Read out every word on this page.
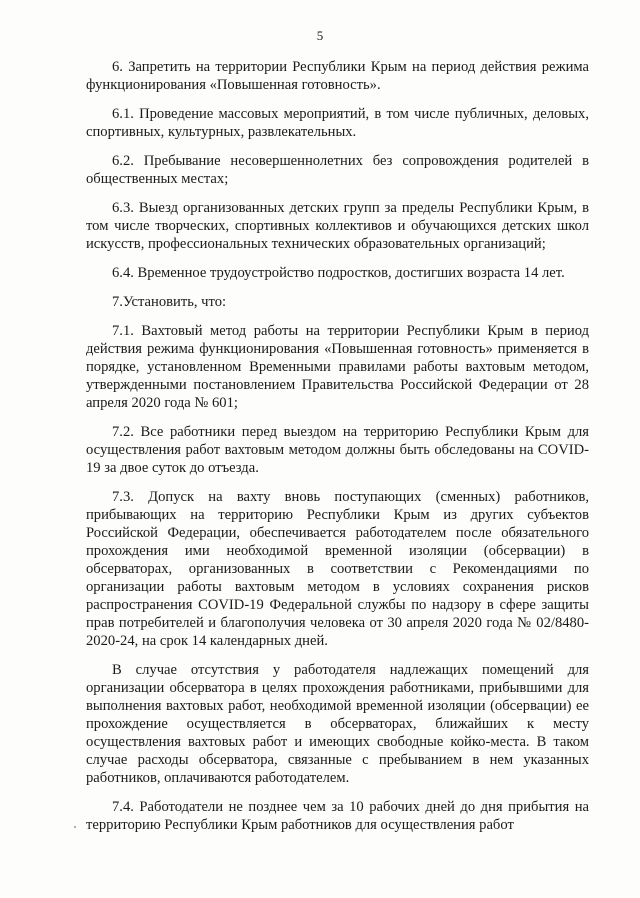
5

6. Запретить на территории Республики Крым на период действия режима функционирования «Повышенная готовность».

6.1. Проведение массовых мероприятий, в том числе публичных, деловых, спортивных, культурных, развлекательных.

6.2. Пребывание несовершеннолетних без сопровождения родителей в общественных местах;

6.3. Выезд организованных детских групп за пределы Республики Крым, в том числе творческих, спортивных коллективов и обучающихся детских школ искусств, профессиональных технических образовательных организаций;

6.4. Временное трудоустройство подростков, достигших возраста 14 лет.

7.Установить, что:

7.1. Вахтовый метод работы на территории Республики Крым в период действия режима функционирования «Повышенная готовность» применяется в порядке, установленном Временными правилами работы вахтовым методом, утвержденными постановлением Правительства Российской Федерации от 28 апреля 2020 года № 601;

7.2. Все работники перед выездом на территорию Республики Крым для осуществления работ вахтовым методом должны быть обследованы на COVID-19 за двое суток до отъезда.

7.3. Допуск на вахту вновь поступающих (сменных) работников, прибывающих на территорию Республики Крым из других субъектов Российской Федерации, обеспечивается работодателем после обязательного прохождения ими необходимой временной изоляции (обсервации) в обсерваторах, организованных в соответствии с Рекомендациями по организации работы вахтовым методом в условиях сохранения рисков распространения COVID-19 Федеральной службы по надзору в сфере защиты прав потребителей и благополучия человека от 30 апреля 2020 года № 02/8480-2020-24, на срок 14 календарных дней.

В случае отсутствия у работодателя надлежащих помещений для организации обсерватора в целях прохождения работниками, прибывшими для выполнения вахтовых работ, необходимой временной изоляции (обсервации) ее прохождение осуществляется в обсерваторах, ближайших к месту осуществления вахтовых работ и имеющих свободные койко-места. В таком случае расходы обсерватора, связанные с пребыванием в нем указанных работников, оплачиваются работодателем.

7.4. Работодатели не позднее чем за 10 рабочих дней до дня прибытия на территорию Республики Крым работников для осуществления работ
